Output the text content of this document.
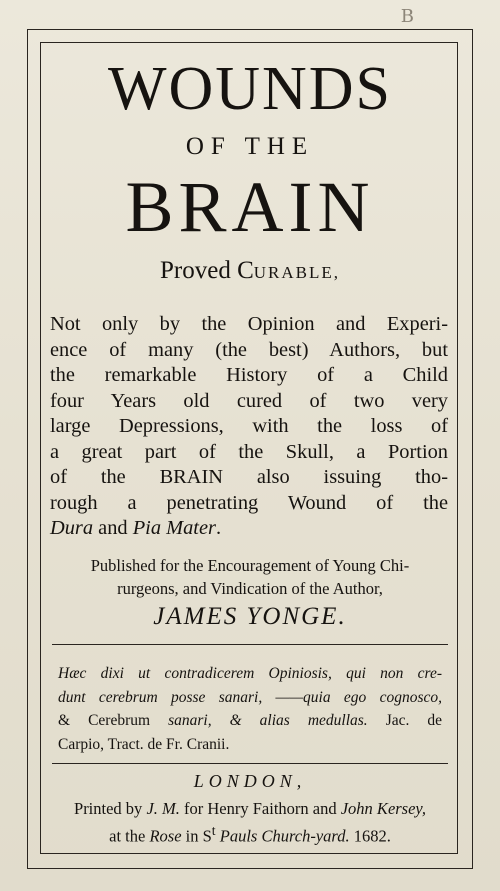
B
WOUNDS
OF THE
BRAIN
Proved CURABLE,
Not only by the Opinion and Experi-
ence of many (the best) Authors, but
the remarkable History of a Child
four Years old cured of two very
large Depressions, with the loss of
a great part of the Skull, a Portion
of the BRAIN also issuing tho-
rough a penetrating Wound of the
Dura and Pia Mater.
Published for the Encouragement of Young Chi-
rurgeons, and Vindication of the Author,
JAMES YONGE.
Hæc dixi ut contradicerem Opiniosis, qui non cre-
dunt cerebrum posse sanari, ——quia ego cognosco,
& Cerebrum sanari, & alias medullas. Jac. de
Carpio, Tract. de Fr. Cranii.
LONDON,
Printed by J. M. for Henry Faithorn and John Kersey,
at the Rose in $S^t$ Pauls Church-yard. 1682.
